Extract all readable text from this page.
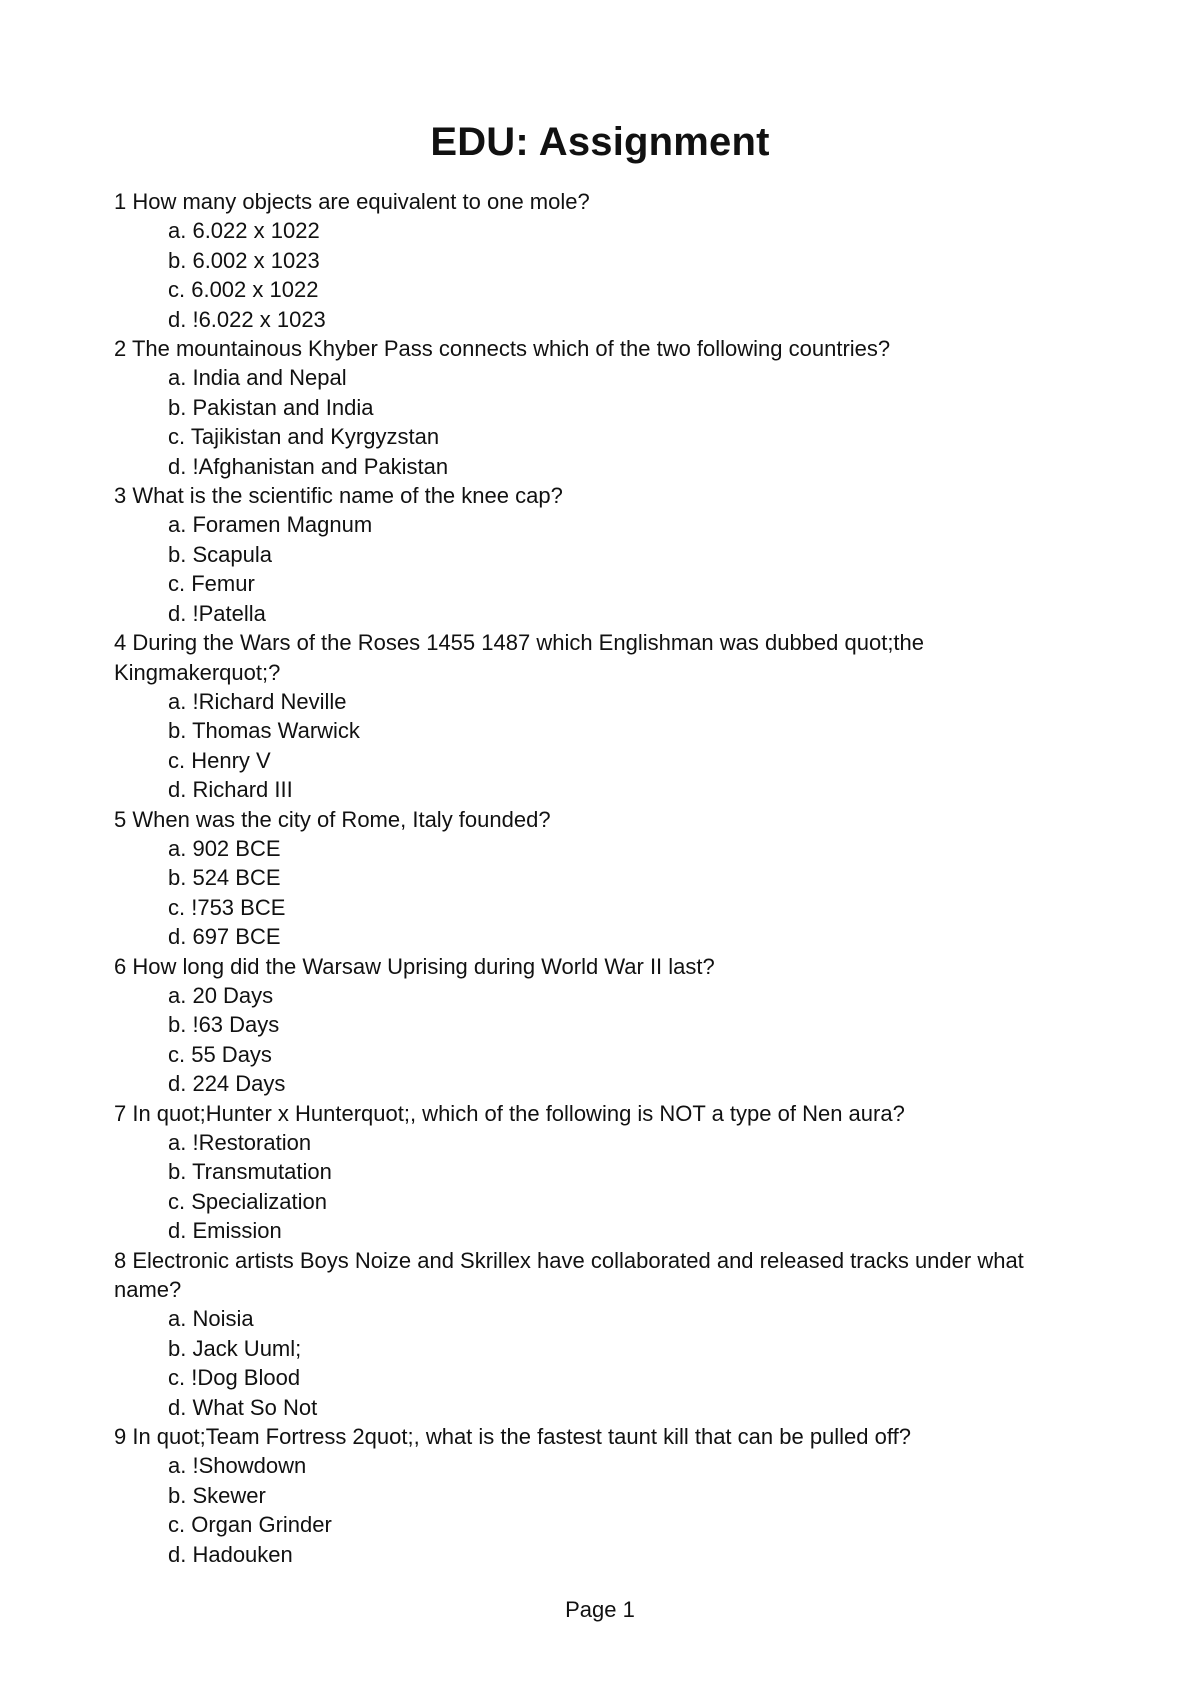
EDU: Assignment
1 How many objects are equivalent to one mole?
a. 6.022 x 1022
b. 6.002 x 1023
c. 6.002 x 1022
d. !6.022 x 1023
2 The mountainous Khyber Pass connects which of the two following countries?
a. India and Nepal
b. Pakistan and India
c. Tajikistan and Kyrgyzstan
d. !Afghanistan and Pakistan
3 What is the scientific name of the knee cap?
a. Foramen Magnum
b. Scapula
c. Femur
d. !Patella
4 During the Wars of the Roses 1455 1487 which Englishman was dubbed quot;the Kingmakerquot;?
a. !Richard Neville
b. Thomas Warwick
c. Henry V
d. Richard III
5 When was the city of Rome, Italy founded?
a. 902 BCE
b. 524 BCE
c. !753 BCE
d. 697 BCE
6 How long did the Warsaw Uprising during World War II last?
a. 20 Days
b. !63 Days
c. 55 Days
d. 224 Days
7 In quot;Hunter x Hunterquot;, which of the following is NOT a type of Nen aura?
a. !Restoration
b. Transmutation
c. Specialization
d. Emission
8 Electronic artists Boys Noize and Skrillex have collaborated and released tracks under what name?
a. Noisia
b. Jack Uuml;
c. !Dog Blood
d. What So Not
9 In quot;Team Fortress 2quot;, what is the fastest taunt kill that can be pulled off?
a. !Showdown
b. Skewer
c. Organ Grinder
d. Hadouken
Page 1
